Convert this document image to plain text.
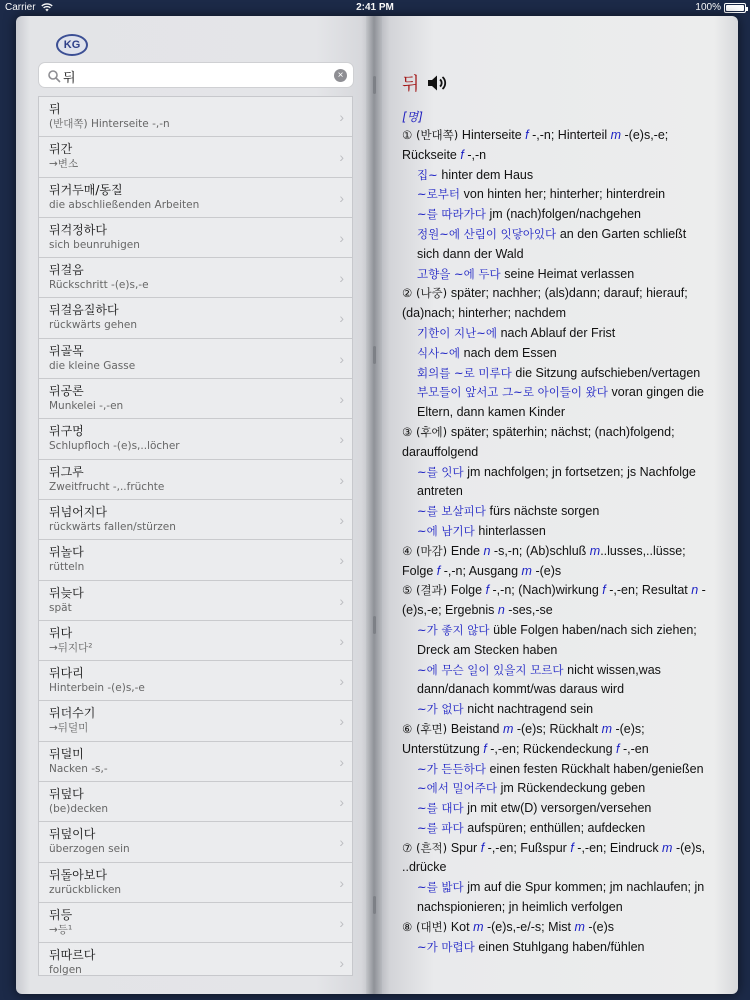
Carrier	2:41 PM	100%
KG
뒤
×
뒤
(반대쪽) Hinterseite -,-n	›
뒤간
→변소	›
뒤거두매/동질
die abschließenden Arbeiten	›
뒤걱정하다
sich beunruhigen	›
뒤걸음
Rückschritt -(e)s,-e	›
뒤걸음질하다
rückwärts gehen	›
뒤골목
die kleine Gasse	›
뒤공론
Munkelei -,-en	›
뒤구멍
Schlupfloch -(e)s,..löcher	›
뒤그루
Zweitfrucht -,..früchte	›
뒤넘어지다
rückwärts fallen/stürzen	›
뒤놀다
rütteln	›
뒤늦다
spät	›
뒤다
→뒤지다²	›
뒤다리
Hinterbein -(e)s,-e	›
뒤더수기
→뒤덜미	›
뒤덜미
Nacken -s,-	›
뒤덮다
(be)decken	›
뒤덮이다
überzogen sein	›
뒤돌아보다
zurückblicken	›
뒤등
→등¹	›
뒤따르다
folgen	›
뒤
[명]
① (반대쪽) Hinterseite f -,-n; Hinterteil m -(e)s,-e;
Rückseite f -,-n
집~ hinter dem Haus
~로부터 von hinten her; hinterher; hinterdrein
~를 따라가다 jm (nach)folgen/nachgehen
정원~에 산림이 잇닿아있다 an den Garten schließt
sich dann der Wald
고향을 ~에 두다 seine Heimat verlassen
② (나중) später; nachher; (als)dann; darauf; hierauf;
(da)nach; hinterher; nachdem
기한이 지난~에 nach Ablauf der Frist
식사~에 nach dem Essen
회의를 ~로 미루다 die Sitzung aufschieben/vertagen
부모들이 앞서고 그~로 아이들이 왔다 voran gingen die
Eltern, dann kamen Kinder
③ (후에) später; späterhin; nächst; (nach)folgend;
darauffolgend
~를 잇다 jm nachfolgen; jn fortsetzen; js Nachfolge
antreten
~를 보살피다 fürs nächste sorgen
~에 남기다 hinterlassen
④ (마감) Ende n -s,-n; (Ab)schluß m..lusses,..lüsse;
Folge f -,-n; Ausgang m -(e)s
⑤ (결과) Folge f -,-n; (Nach)wirkung f -,-en; Resultat n -
(e)s,-e; Ergebnis n -ses,-se
~가 좋지 않다 üble Folgen haben/nach sich ziehen;
Dreck am Stecken haben
~에 무슨 일이 있을지 모르다 nicht wissen,was
dann/danach kommt/was daraus wird
~가 없다 nicht nachtragend sein
⑥ (후면) Beistand m -(e)s; Rückhalt m -(e)s;
Unterstützung f -,-en; Rückendeckung f -,-en
~가 든든하다 einen festen Rückhalt haben/genießen
~에서 밀어주다 jm Rückendeckung geben
~를 대다 jn mit etw(D) versorgen/versehen
~를 파다 aufspüren; enthüllen; aufdecken
⑦ (흔적) Spur f -,-en; Fußspur f -,-en; Eindruck m -(e)s,
..drücke
~를 밟다 jm auf die Spur kommen; jm nachlaufen; jn
nachspionieren; jn heimlich verfolgen
⑧ (대변) Kot m -(e)s,-e/-s; Mist m -(e)s
~가 마렵다 einen Stuhlgang haben/fühlen
